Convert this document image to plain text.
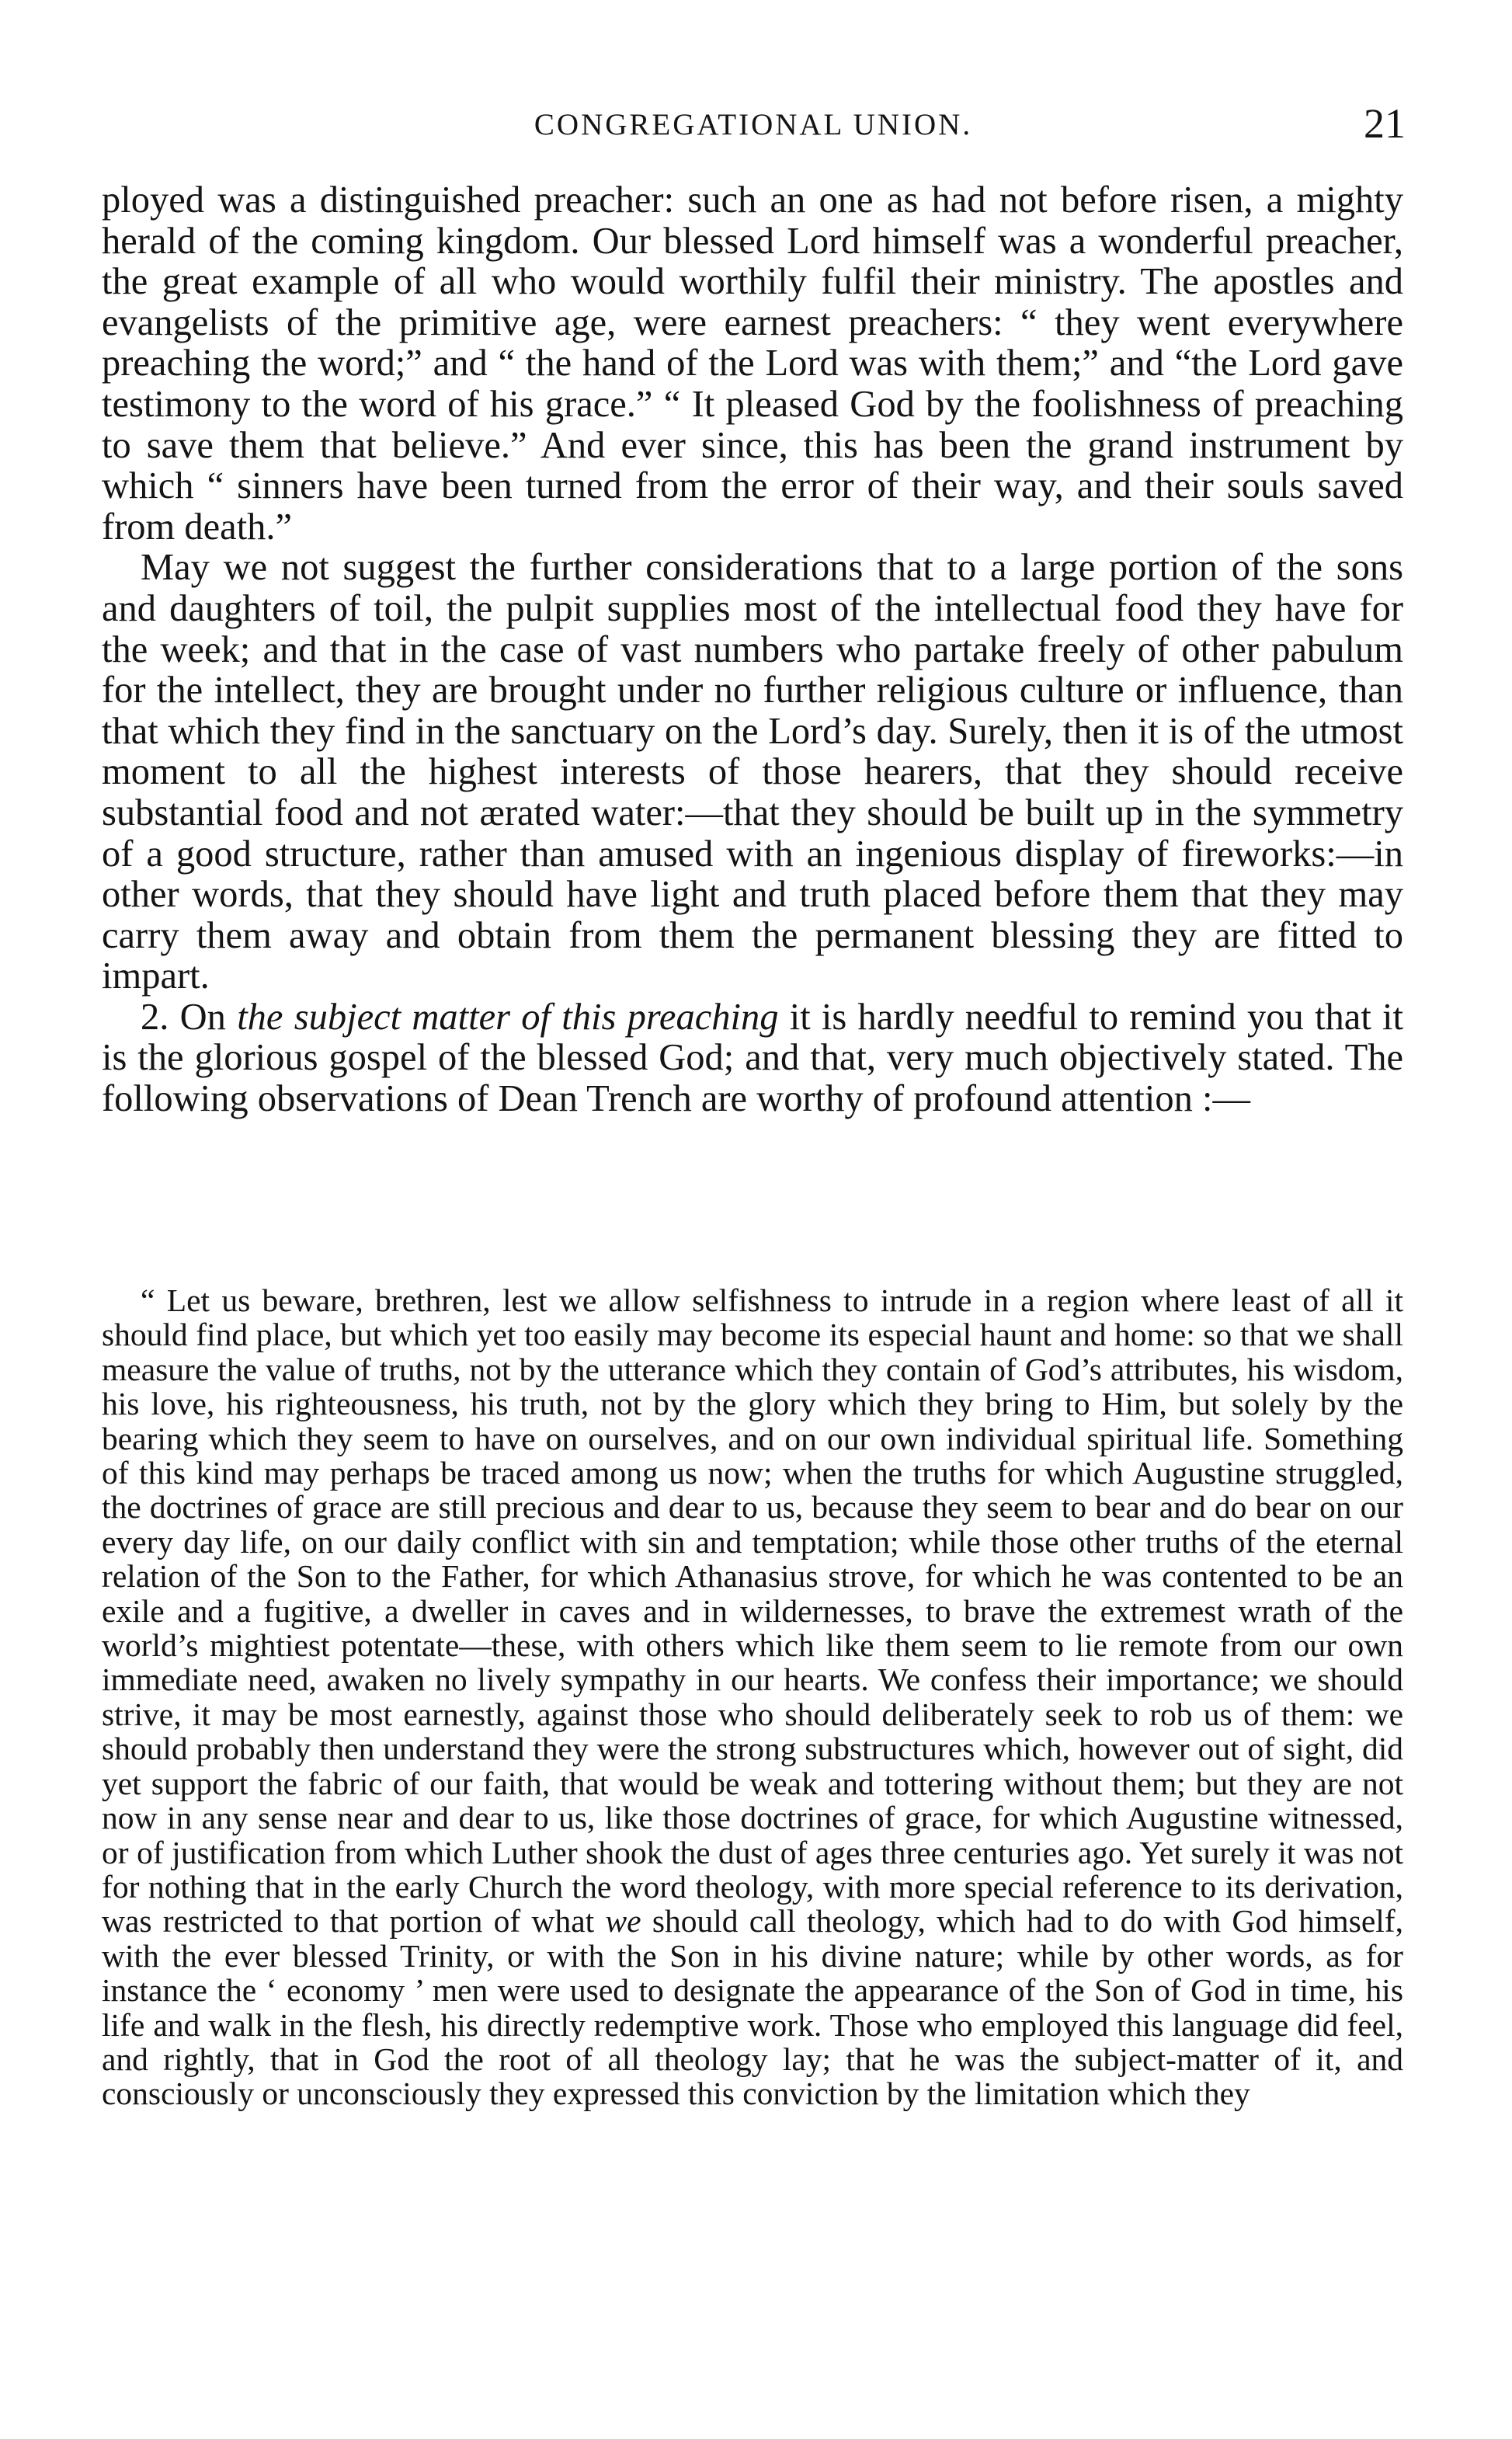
CONGREGATIONAL UNION.	21

ployed was a distinguished preacher: such an one as had not before risen, a mighty herald of the coming kingdom. Our blessed Lord himself was a wonderful preacher, the great example of all who would worthily fulfil their ministry. The apostles and evangelists of the primitive age, were earnest preachers: “ they went everywhere preaching the word;” and “ the hand of the Lord was with them;” and “the Lord gave testimony to the word of his grace.” “ It pleased God by the foolishness of preaching to save them that believe.” And ever since, this has been the grand instrument by which “ sinners have been turned from the error of their way, and their souls saved from death.”

May we not suggest the further considerations that to a large portion of the sons and daughters of toil, the pulpit supplies most of the intellectual food they have for the week; and that in the case of vast numbers who partake freely of other pabulum for the intellect, they are brought under no further religious culture or influence, than that which they find in the sanctuary on the Lord’s day. Surely, then it is of the utmost moment to all the highest interests of those hearers, that they should receive substantial food and not ærated water:—that they should be built up in the symmetry of a good structure, rather than amused with an ingenious display of fireworks:—in other words, that they should have light and truth placed before them that they may carry them away and obtain from them the permanent blessing they are fitted to impart.

2. On the subject matter of this preaching it is hardly needful to remind you that it is the glorious gospel of the blessed God; and that, very much objectively stated. The following observations of Dean Trench are worthy of profound attention :—

“ Let us beware, brethren, lest we allow selfishness to intrude in a region where least of all it should find place, but which yet too easily may become its especial haunt and home: so that we shall measure the value of truths, not by the utterance which they contain of God’s attributes, his wisdom, his love, his righteousness, his truth, not by the glory which they bring to Him, but solely by the bearing which they seem to have on ourselves, and on our own individual spiritual life. Something of this kind may perhaps be traced among us now; when the truths for which Augustine struggled, the doctrines of grace are still precious and dear to us, because they seem to bear and do bear on our every day life, on our daily conflict with sin and temptation; while those other truths of the eternal relation of the Son to the Father, for which Athanasius strove, for which he was contented to be an exile and a fugitive, a dweller in caves and in wildernesses, to brave the extremest wrath of the world’s mightiest potentate—these, with others which like them seem to lie remote from our own immediate need, awaken no lively sympathy in our hearts. We confess their importance; we should strive, it may be most earnestly, against those who should deliberately seek to rob us of them: we should probably then understand they were the strong substructures which, however out of sight, did yet support the fabric of our faith, that would be weak and tottering without them; but they are not now in any sense near and dear to us, like those doctrines of grace, for which Augustine witnessed, or of justification from which Luther shook the dust of ages three centuries ago. Yet surely it was not for nothing that in the early Church the word theology, with more special reference to its derivation, was restricted to that portion of what we should call theology, which had to do with God himself, with the ever blessed Trinity, or with the Son in his divine nature; while by other words, as for instance the ‘ economy ’ men were used to designate the appearance of the Son of God in time, his life and walk in the flesh, his directly redemptive work. Those who employed this language did feel, and rightly, that in God the root of all theology lay; that he was the subject-matter of it, and consciously or unconsciously they expressed this conviction by the limitation which they
